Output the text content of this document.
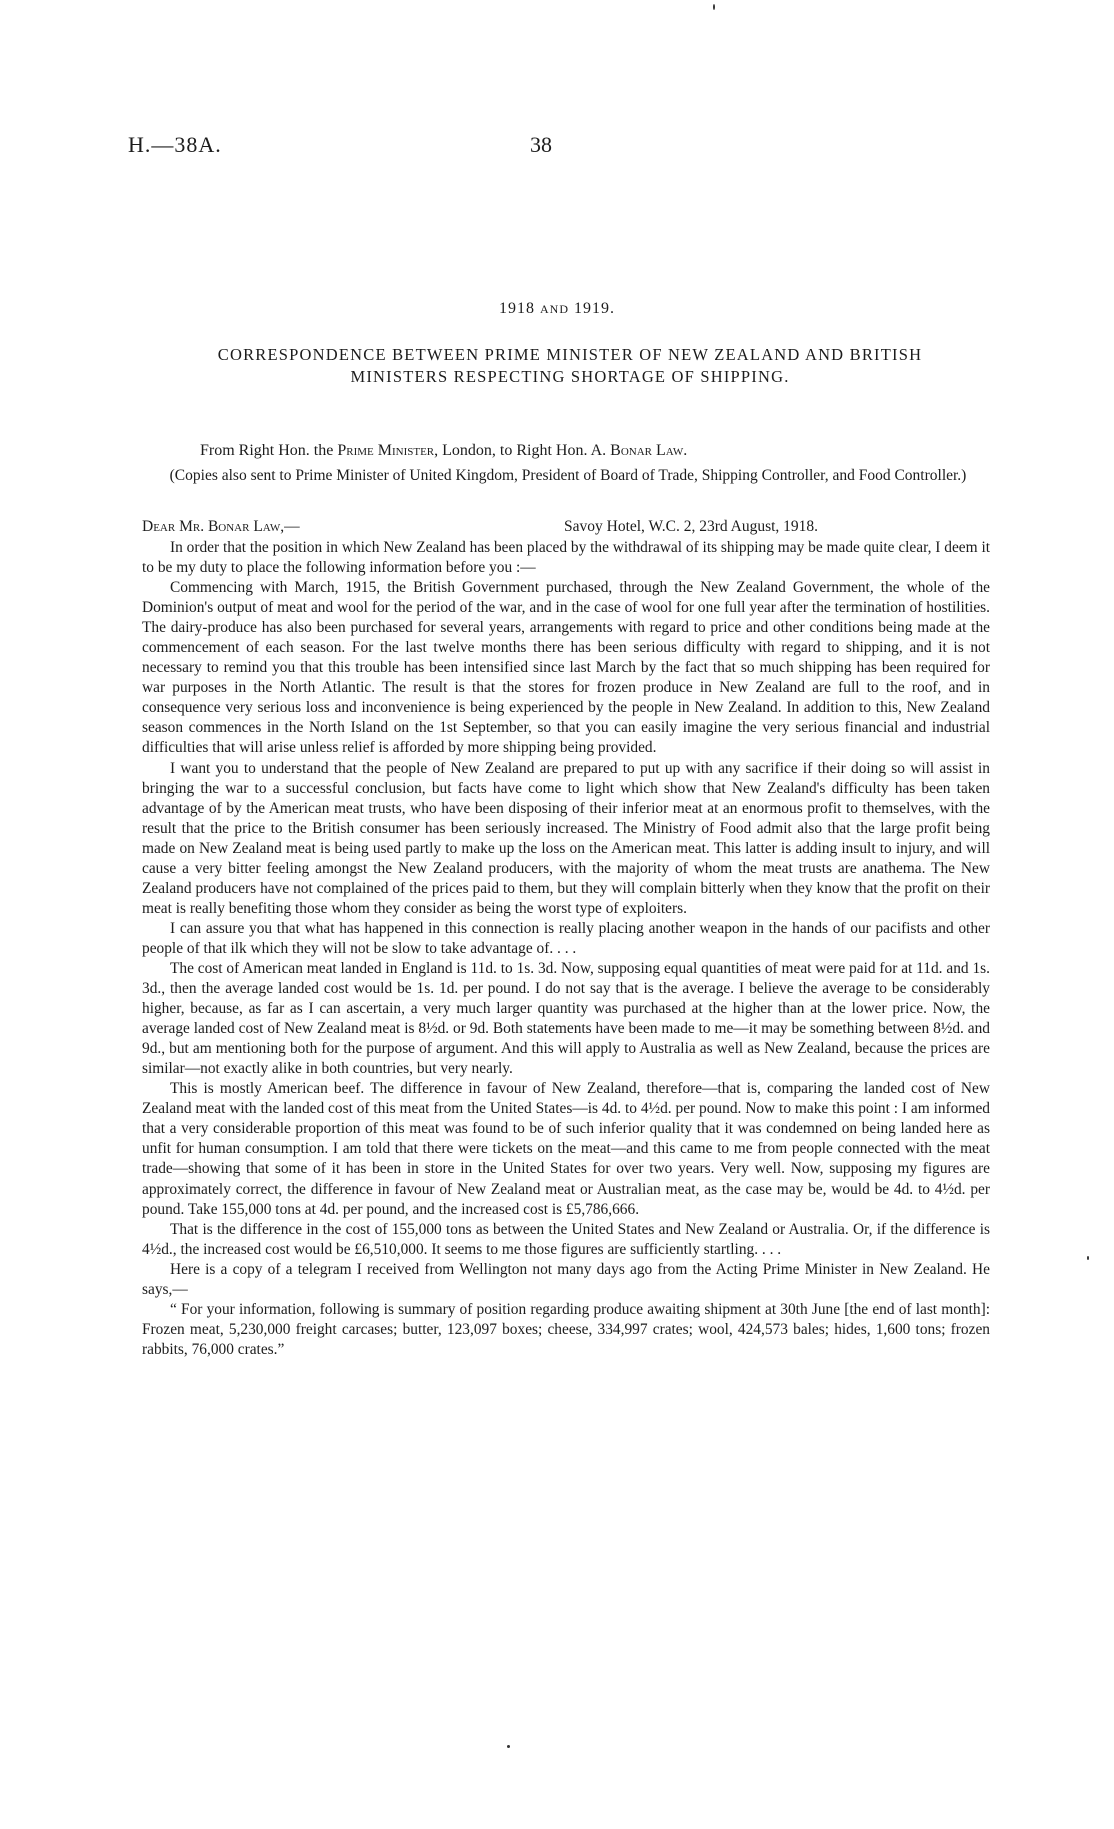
H.—38A.	38
1918 AND 1919.
CORRESPONDENCE BETWEEN PRIME MINISTER OF NEW ZEALAND AND BRITISH
MINISTERS RESPECTING SHORTAGE OF SHIPPING.
From Right Hon. the Prime Minister, London, to Right Hon. A. Bonar Law.
(Copies also sent to Prime Minister of United Kingdom, President of Board of Trade, Shipping Controller, and Food Controller.)
Dear Mr. Bonar Law,—	Savoy Hotel, W.C. 2, 23rd August, 1918.

In order that the position in which New Zealand has been placed by the withdrawal of its shipping may be made quite clear, I deem it to be my duty to place the following information before you :—

Commencing with March, 1915, the British Government purchased, through the New Zealand Government, the whole of the Dominion's output of meat and wool for the period of the war, and in the case of wool for one full year after the termination of hostilities. The dairy-produce has also been purchased for several years, arrangements with regard to price and other conditions being made at the commencement of each season. For the last twelve months there has been serious difficulty with regard to shipping, and it is not necessary to remind you that this trouble has been intensified since last March by the fact that so much shipping has been required for war purposes in the North Atlantic. The result is that the stores for frozen produce in New Zealand are full to the roof, and in consequence very serious loss and inconvenience is being experienced by the people in New Zealand. In addition to this, New Zealand season commences in the North Island on the 1st September, so that you can easily imagine the very serious financial and industrial difficulties that will arise unless relief is afforded by more shipping being provided.

I want you to understand that the people of New Zealand are prepared to put up with any sacrifice if their doing so will assist in bringing the war to a successful conclusion, but facts have come to light which show that New Zealand's difficulty has been taken advantage of by the American meat trusts, who have been disposing of their inferior meat at an enormous profit to themselves, with the result that the price to the British consumer has been seriously increased. The Ministry of Food admit also that the large profit being made on New Zealand meat is being used partly to make up the loss on the American meat. This latter is adding insult to injury, and will cause a very bitter feeling amongst the New Zealand producers, with the majority of whom the meat trusts are anathema. The New Zealand producers have not complained of the prices paid to them, but they will complain bitterly when they know that the profit on their meat is really benefiting those whom they consider as being the worst type of exploiters.

I can assure you that what has happened in this connection is really placing another weapon in the hands of our pacifists and other people of that ilk which they will not be slow to take advantage of. . . .

The cost of American meat landed in England is 11d. to 1s. 3d. Now, supposing equal quantities of meat were paid for at 11d. and 1s. 3d., then the average landed cost would be 1s. 1d. per pound. I do not say that is the average. I believe the average to be considerably higher, because, as far as I can ascertain, a very much larger quantity was purchased at the higher than at the lower price. Now, the average landed cost of New Zealand meat is 8½d. or 9d. Both statements have been made to me—it may be something between 8½d. and 9d., but am mentioning both for the purpose of argument. And this will apply to Australia as well as New Zealand, because the prices are similar—not exactly alike in both countries, but very nearly.

This is mostly American beef. The difference in favour of New Zealand, therefore—that is, comparing the landed cost of New Zealand meat with the landed cost of this meat from the United States—is 4d. to 4½d. per pound. Now to make this point : I am informed that a very considerable proportion of this meat was found to be of such inferior quality that it was condemned on being landed here as unfit for human consumption. I am told that there were tickets on the meat—and this came to me from people connected with the meat trade—showing that some of it has been in store in the United States for over two years. Very well. Now, supposing my figures are approximately correct, the difference in favour of New Zealand meat or Australian meat, as the case may be, would be 4d. to 4½d. per pound. Take 155,000 tons at 4d. per pound, and the increased cost is £5,786,666.

That is the difference in the cost of 155,000 tons as between the United States and New Zealand or Australia. Or, if the difference is 4½d., the increased cost would be £6,510,000. It seems to me those figures are sufficiently startling. . . .

Here is a copy of a telegram I received from Wellington not many days ago from the Acting Prime Minister in New Zealand. He says,—

“ For your information, following is summary of position regarding produce awaiting shipment at 30th June [the end of last month]: Frozen meat, 5,230,000 freight carcases; butter, 123,097 boxes; cheese, 334,997 crates; wool, 424,573 bales; hides, 1,600 tons; frozen rabbits, 76,000 crates.”
